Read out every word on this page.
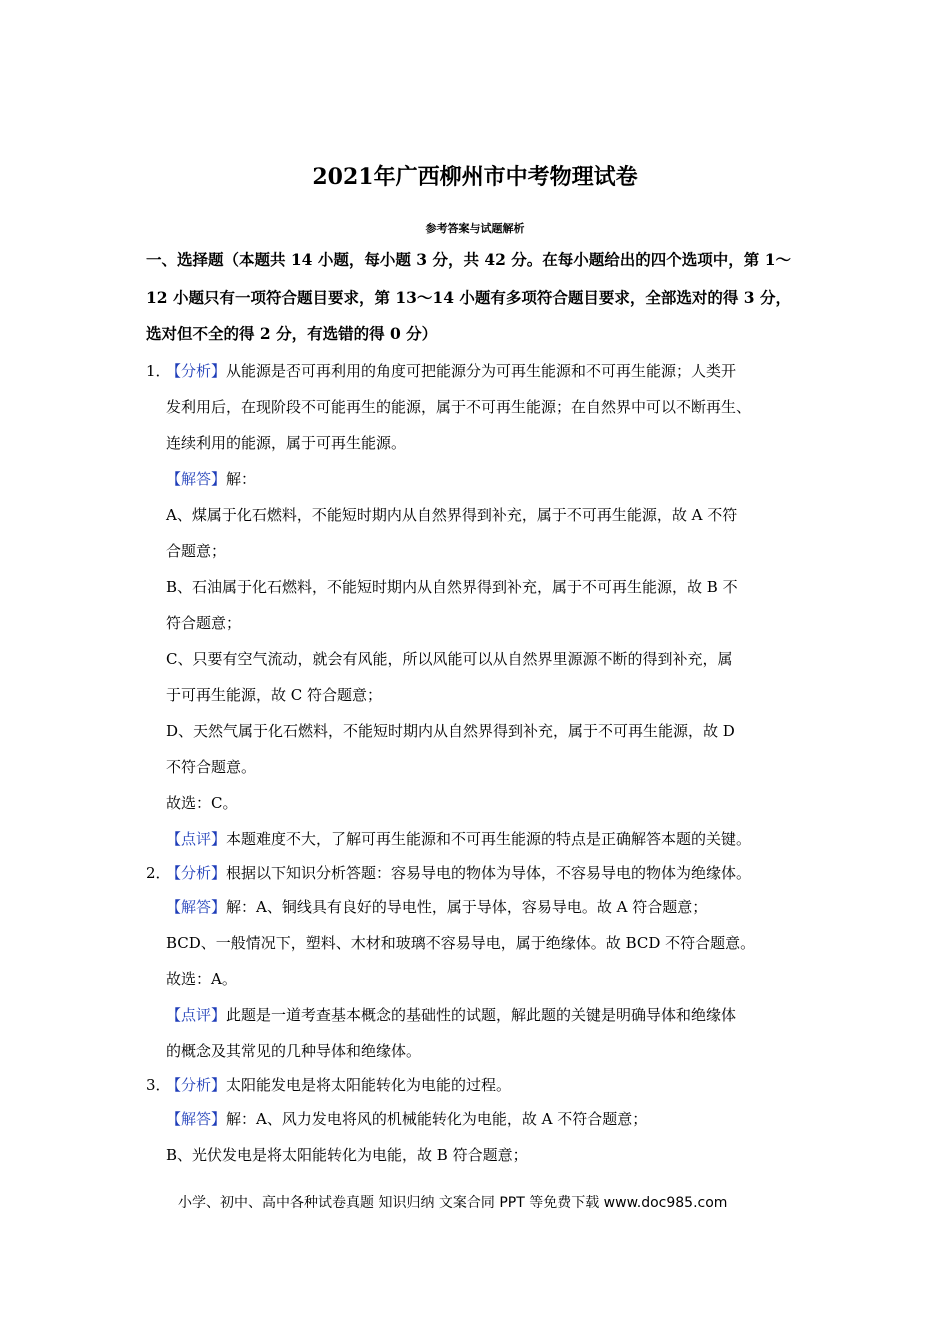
2021年广西柳州市中考物理试卷
参考答案与试题解析
一、选择题（本题共 14 小题，每小题 3 分，共 42 分。在每小题给出的四个选项中，第 1～
12 小题只有一项符合题目要求，第 13～14 小题有多项符合题目要求，全部选对的得 3 分，
选对但不全的得 2 分，有选错的得 0 分）
1．
【分析】从能源是否可再利用的角度可把能源分为可再生能源和不可再生能源；人类开
发利用后，在现阶段不可能再生的能源，属于不可再生能源；在自然界中可以不断再生、
连续利用的能源，属于可再生能源。
【解答】解：
A、煤属于化石燃料，不能短时期内从自然界得到补充，属于不可再生能源，故 A 不符
合题意；
B、石油属于化石燃料，不能短时期内从自然界得到补充，属于不可再生能源，故 B 不
符合题意；
C、只要有空气流动，就会有风能，所以风能可以从自然界里源源不断的得到补充，属
于可再生能源，故 C 符合题意；
D、天然气属于化石燃料，不能短时期内从自然界得到补充，属于不可再生能源，故 D
不符合题意。
故选：C。
【点评】本题难度不大，了解可再生能源和不可再生能源的特点是正确解答本题的关键。
2．
【分析】根据以下知识分析答题：容易导电的物体为导体，不容易导电的物体为绝缘体。
【解答】解：A、铜线具有良好的导电性，属于导体，容易导电。故 A 符合题意；
BCD、一般情况下，塑料、木材和玻璃不容易导电，属于绝缘体。故 BCD 不符合题意。
故选：A。
【点评】此题是一道考查基本概念的基础性的试题，解此题的关键是明确导体和绝缘体
的概念及其常见的几种导体和绝缘体。
3．
【分析】太阳能发电是将太阳能转化为电能的过程。
【解答】解：A、风力发电将风的机械能转化为电能，故 A 不符合题意；
B、光伏发电是将太阳能转化为电能，故 B 符合题意；
小学、初中、高中各种试卷真题 知识归纳 文案合同 PPT 等免费下载 www.doc985.com
